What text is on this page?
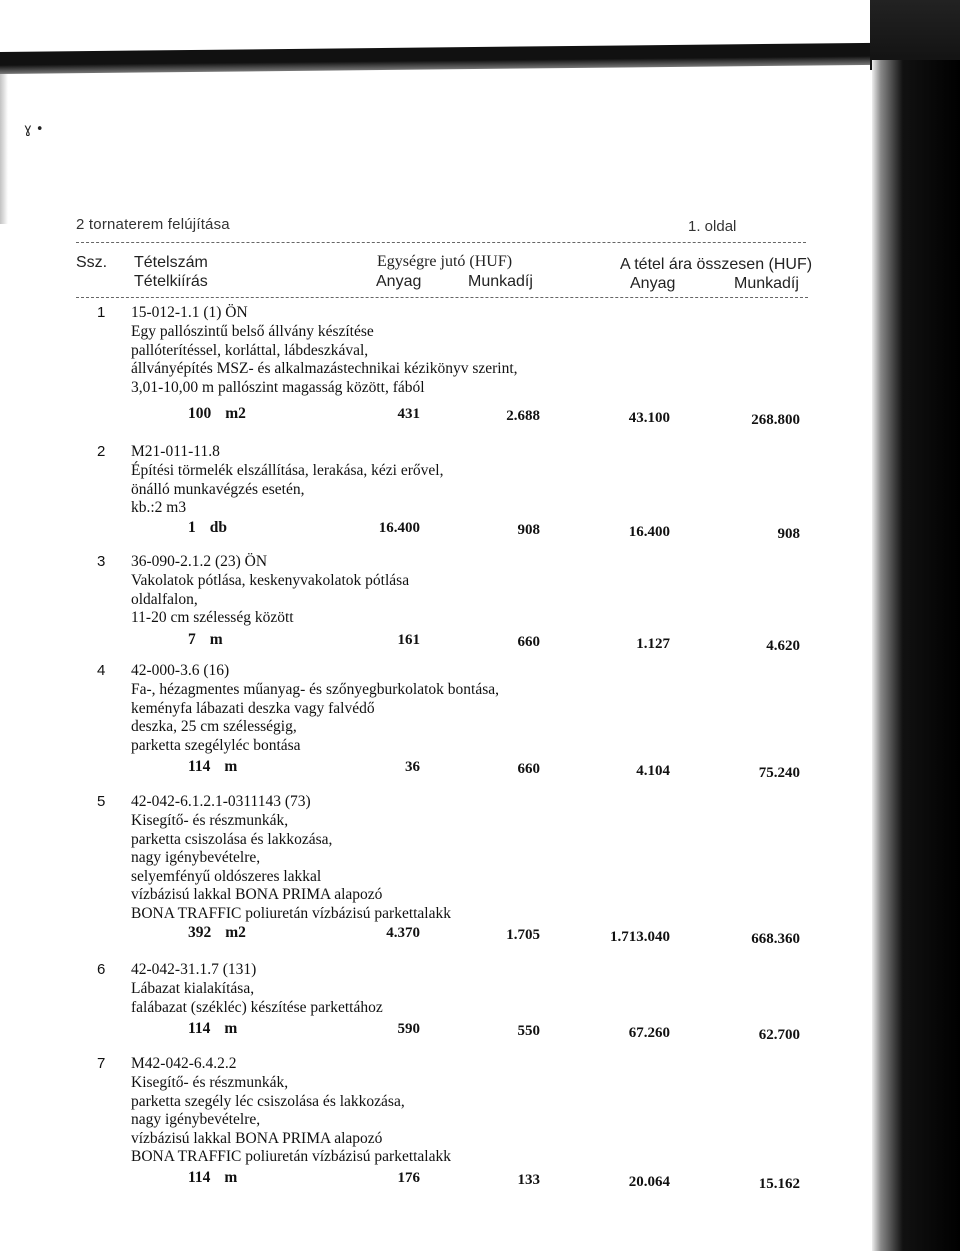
ɣ •
2 tornaterem felújítása	1. oldal
Ssz. Tételszám
Tételkiírás
Egységre jutó (HUF)
Anyag	Munkadíj
A tétel ára összesen (HUF)
Anyag	Munkadíj
1 15-012-1.1 (1) ÖN
Egy pallószintű belső állvány készítése
pallóterítéssel, korláttal, lábdeszkával,
állványépítés MSZ- és alkalmazástechnikai kézikönyv szerint,
3,01-10,00 m pallószint magasság között, fából
100 m2	431	2.688	43.100	268.800
2 M21-011-11.8
Építési törmelék elszállítása, lerakása, kézi erővel,
önálló munkavégzés esetén,
kb.:2 m3
1 db	16.400	908	16.400	908
3 36-090-2.1.2 (23) ÖN
Vakolatok pótlása, keskenyvakolatok pótlása
oldalfalon,
11-20 cm szélesség között
7 m	161	660	1.127	4.620
4 42-000-3.6 (16)
Fa-, hézagmentes műanyag- és szőnyegburkolatok bontása,
keményfa lábazati deszka vagy falvédő
deszka, 25 cm szélességig,
parketta szegélyléc bontása
114 m	36	660	4.104	75.240
5 42-042-6.1.2.1-0311143 (73)
Kisegítő- és részmunkák,
parketta csiszolása és lakkozása,
nagy igénybevételre,
selyemfényű oldószeres lakkal
vízbázisú lakkal BONA PRIMA alapozó
BONA TRAFFIC poliuretán vízbázisú parkettalakk
392 m2	4.370	1.705	1.713.040	668.360
6 42-042-31.1.7 (131)
Lábazat kialakítása,
falábazat (székléc) készítése parkettához
114 m	590	550	67.260	62.700
7 M42-042-6.4.2.2
Kisegítő- és részmunkák,
parketta szegély léc csiszolása és lakkozása,
nagy igénybevételre,
vízbázisú lakkal BONA PRIMA alapozó
BONA TRAFFIC poliuretán vízbázisú parkettalakk
114 m	176	133	20.064	15.162
